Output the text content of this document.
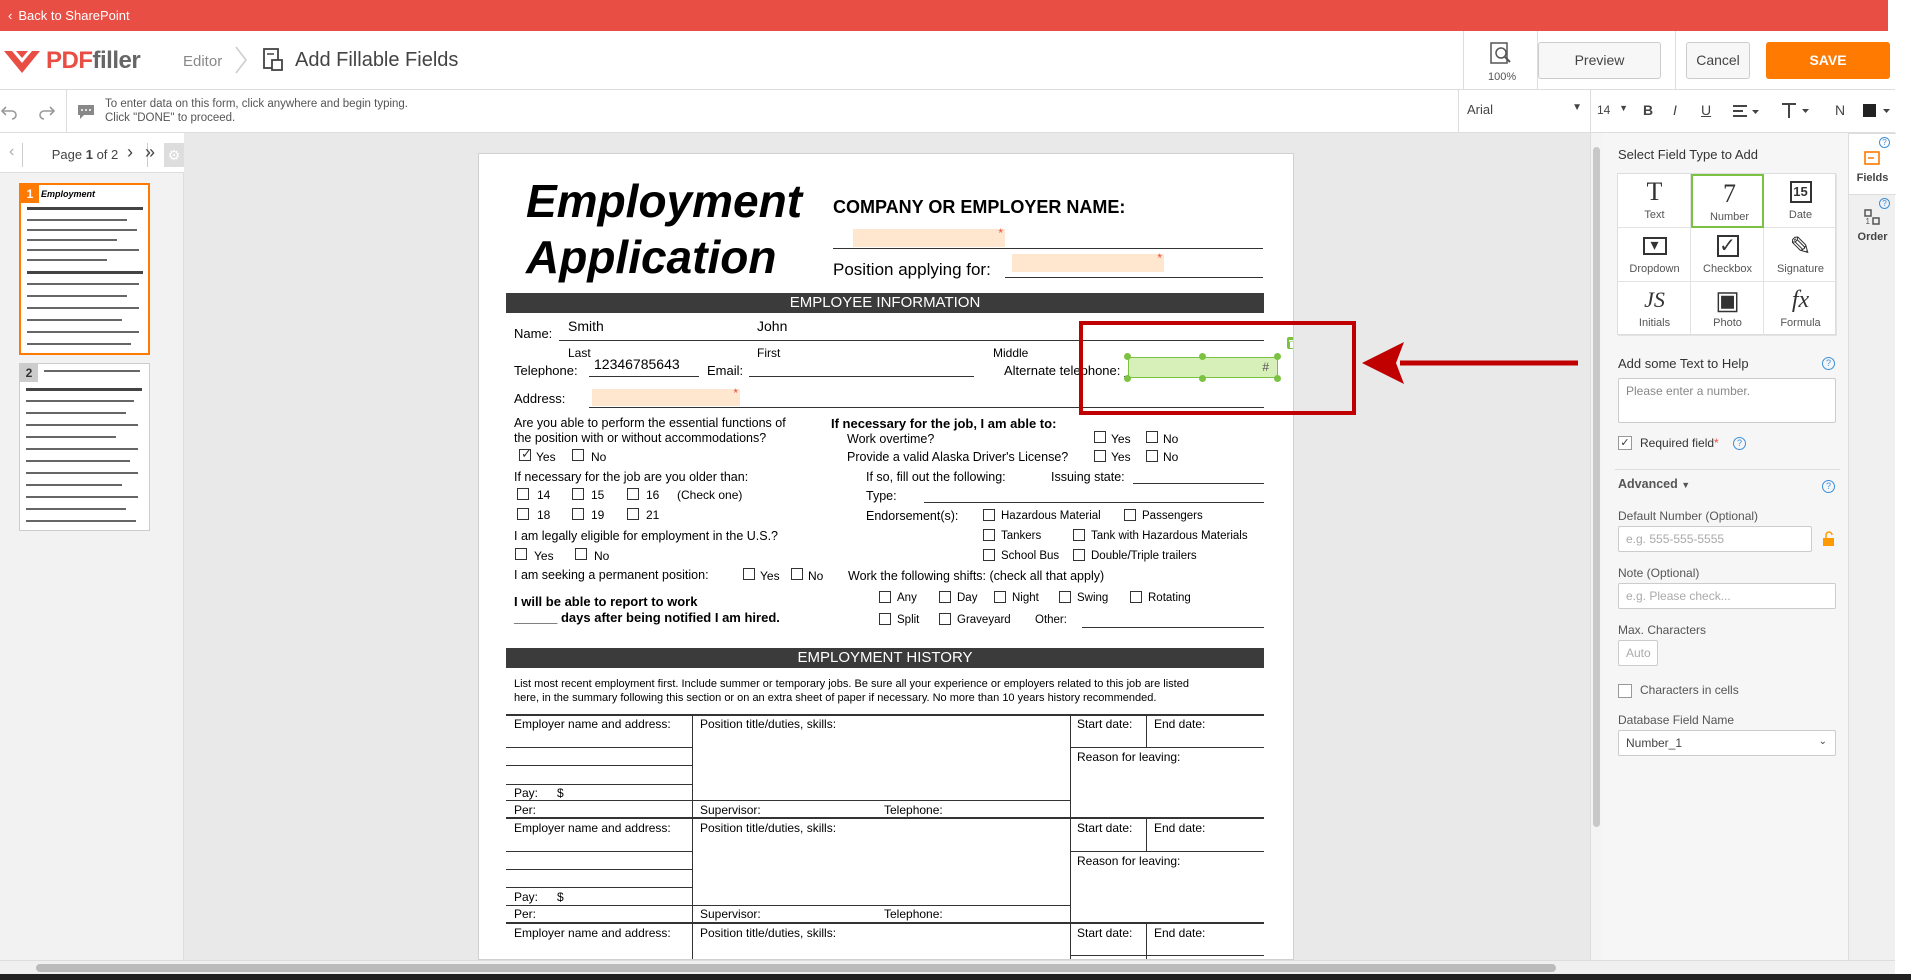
‹ Back to SharePoint
PDFfiller	Editor	Add Fillable Fields
100%
Preview	Cancel	SAVE
To enter data on this form, click anywhere and begin typing.
Click "DONE" to proceed.
Arial	▼	14 ▼ B I U	N
‹	Page 1 of 2 › » ⚙
1 Employment
2
Employment
Application
COMPANY OR EMPLOYER NAME:
*
Position applying for:
*
EMPLOYEE INFORMATION
Name: Smith	John
Last	First	Middle
Telephone: 12346785643 Email:	Alternate telephone:
Address:	*
Are you able to perform the essential functions of
the position with or without accommodations?
✓ Yes	No
If necessary for the job are you older than:
14	15	16 (Check one)
18	19	21
I am legally eligible for employment in the U.S.?
Yes	No
I am seeking a permanent position:	Yes No
I will be able to report to work
______ days after being notified I am hired.
If necessary for the job, I am able to:
Work overtime?	Yes	No
Provide a valid Alaska Driver's License?	Yes	No
If so, fill out the following:	Issuing state:
Type:
Endorsement(s):	Hazardous Material	Passengers
Tankers	Tank with Hazardous Materials
School Bus	Double/Triple trailers
Work the following shifts: (check all that apply)
Any	Day	Night	Swing	Rotating
Split	Graveyard Other:
EMPLOYMENT HISTORY
List most recent employment first. Include summer or temporary jobs. Be sure all your experience or employers related to this job are listed
here, in the summary following this section or on an extra sheet of paper if necessary. No more than 10 years history recommended.
Employer name and address: Position title/duties, skills:	Start date: End date:
Reason for leaving:
Pay: $
Per:	Supervisor:	Telephone:
Employer name and address: Position title/duties, skills:	Start date: End date:
Reason for leaving:
Pay: $
Per:	Supervisor:	Telephone:
Employer name and address: Position title/duties, skills:	Start date: End date:
#
Select Field Type to Add
T
Text
7
Number
15
Date
▾
Dropdown
✓
Checkbox
✎
Signature
JS
Initials
▣
Photo
fx
Formula
Add some Text to Help	?
Please enter a number.
✓ Required field*	?
Advanced ▼	?
Default Number (Optional)
e.g. 555-555-5555
Note (Optional)
e.g. Please check...
Max. Characters
Auto
Characters in cells
Database Field Name
Number_1	⌄
Fields
?
1
Order
?
